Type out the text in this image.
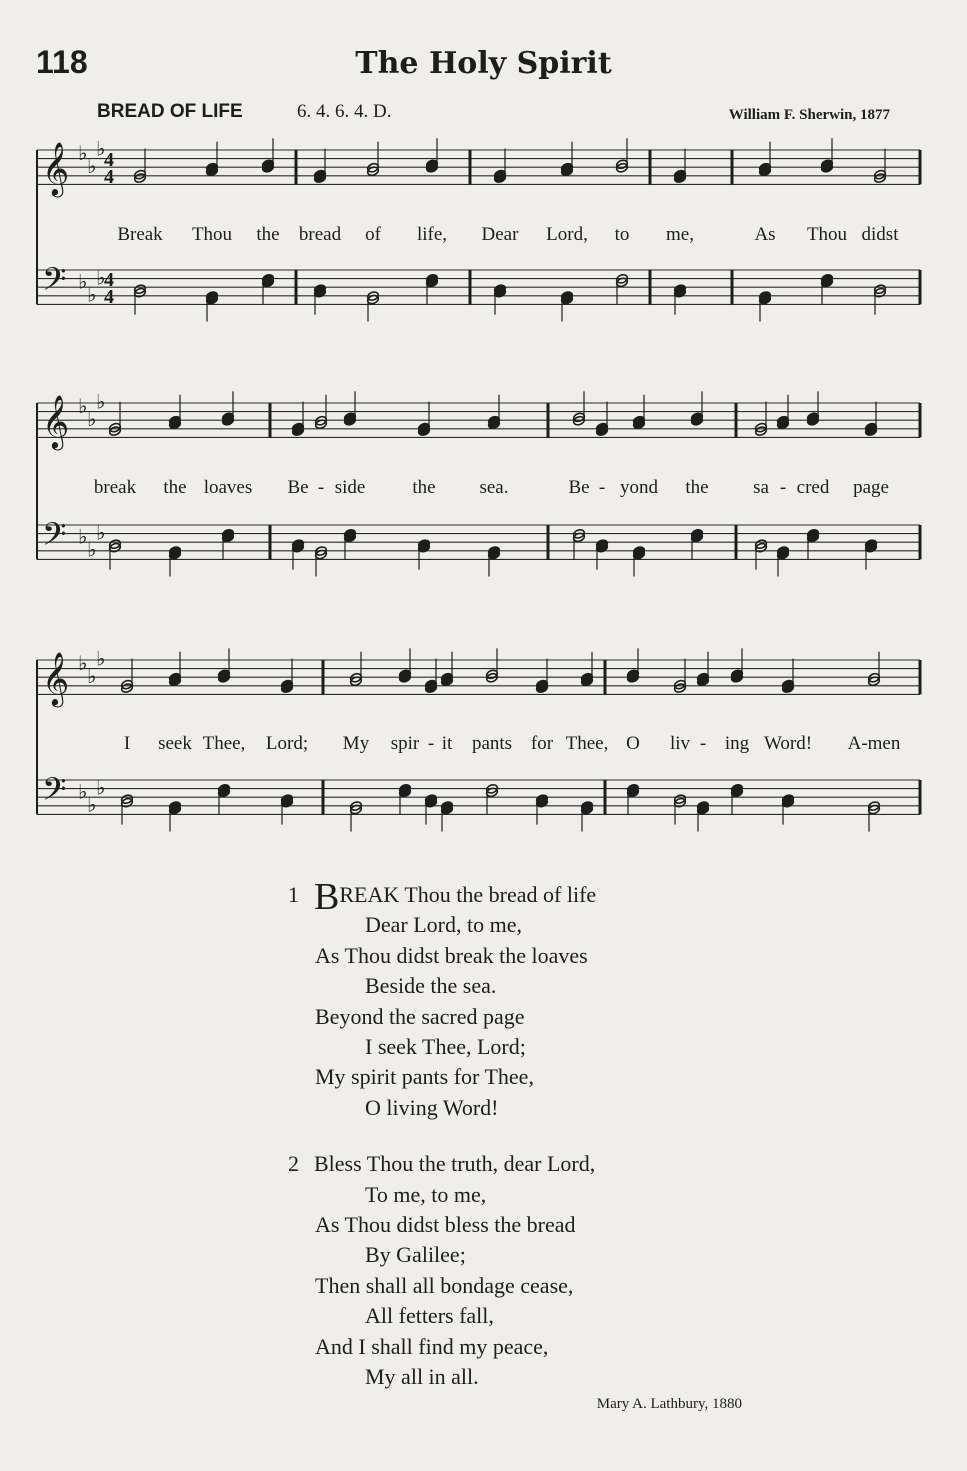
118	The Holy Spirit
BREAD OF LIFE	6. 4. 6. 4. D.	William F. Sherwin, 1877
𝄞
𝄢
♭
♭
♭
♭
♭
♭
4
4
4
4
Break Thou the bread of life, Dear Lord, to me,	As Thou didst
𝄞
𝄢
♭
♭
♭
♭
♭
♭
break the loaves Be - side the sea.	Be - yond the sa - cred page
𝄞
𝄢
♭
♭
♭
♭
♭
♭
I seek Thee, Lord; My spir - it pants for Thee, O liv - ing Word! A-men
1 BREAK Thou the bread of life
Dear Lord, to me,
As Thou didst break the loaves
Beside the sea.
Beyond the sacred page
I seek Thee, Lord;
My spirit pants for Thee,
O living Word!
2 Bless Thou the truth, dear Lord,
To me, to me,
As Thou didst bless the bread
By Galilee;
Then shall all bondage cease,
All fetters fall,
And I shall find my peace,
My all in all.
Mary A. Lathbury, 1880
